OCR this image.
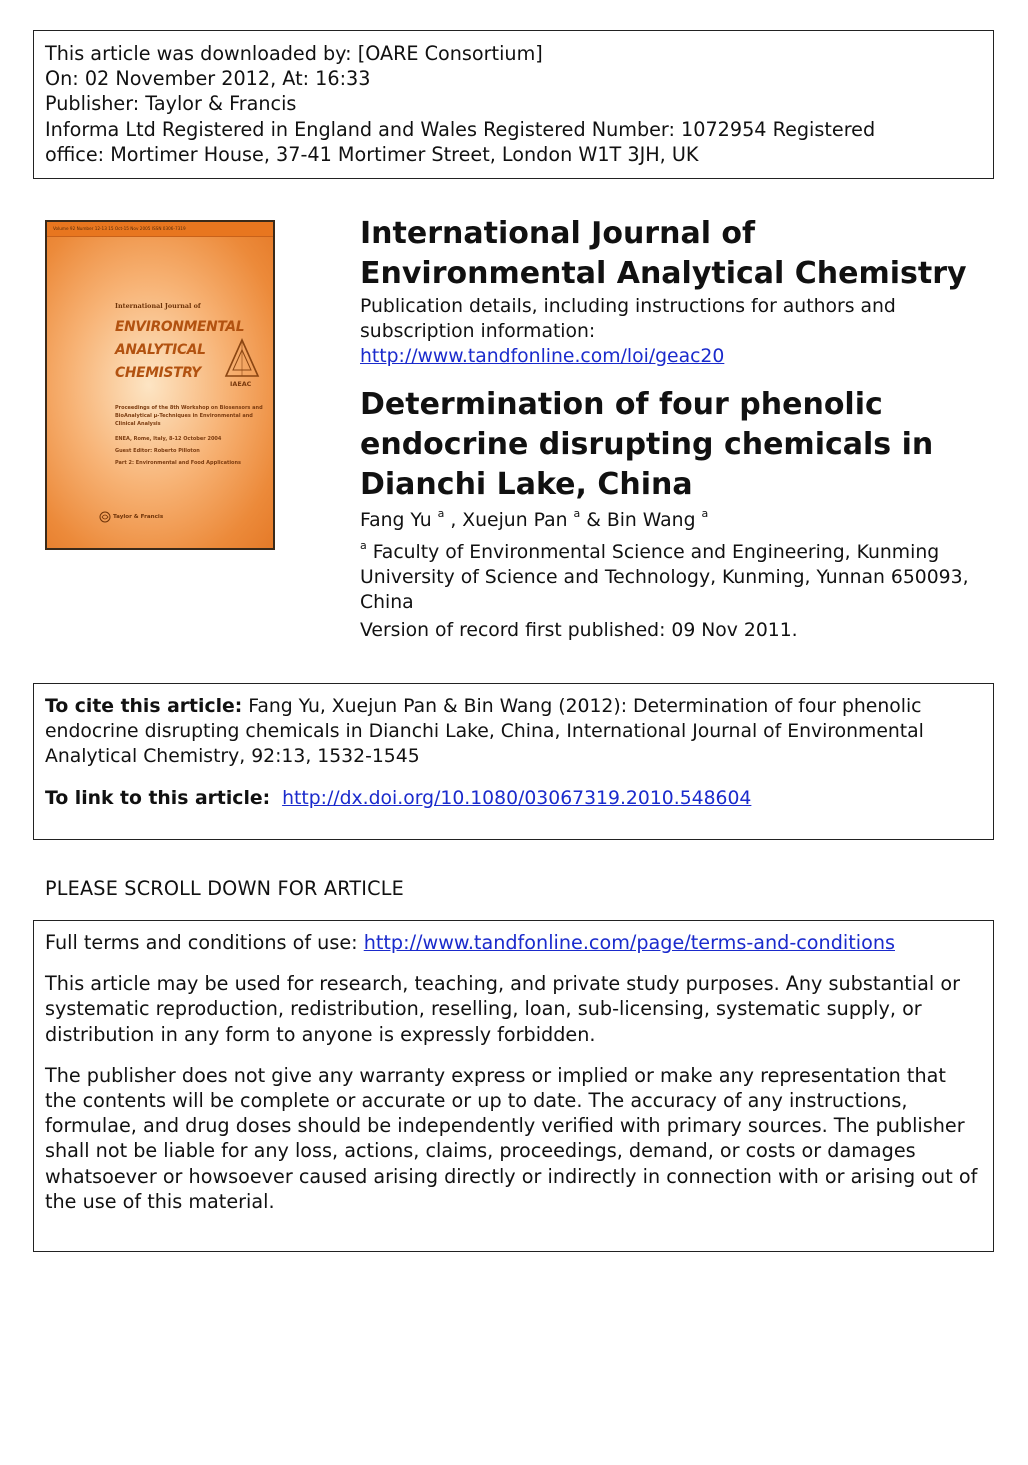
This article was downloaded by: [OARE Consortium]
On: 02 November 2012, At: 16:33
Publisher: Taylor & Francis
Informa Ltd Registered in England and Wales Registered Number: 1072954 Registered
office: Mortimer House, 37-41 Mortimer Street, London W1T 3JH, UK
Volume 92 Number 12-13 15 Oct-15 Nov 2005 ISSN 0306-7319
International Journal of
ENVIRONMENTAL
ANALYTICAL
CHEMISTRY
IAEAC
Proceedings of the 8th Workshop on Biosensors and BioAnalytical μ-Techniques in Environmental and Clinical Analysis
ENEA, Rome, Italy, 8-12 October 2004
Guest Editor: Roberto Pilloton
Part 2: Environmental and Food Applications
Taylor & Francis
International Journal of Environmental Analytical Chemistry
Publication details, including instructions for authors and subscription information:
http://www.tandfonline.com/loi/geac20
Determination of four phenolic endocrine disrupting chemicals in Dianchi Lake, China
Fang Yu $^a$ , Xuejun Pan $^a$ & Bin Wang $^a$
$^a$ Faculty of Environmental Science and Engineering, Kunming University of Science and Technology, Kunming, Yunnan 650093, China
Version of record first published: 09 Nov 2011.
To cite this article: Fang Yu, Xuejun Pan & Bin Wang (2012): Determination of four phenolic endocrine disrupting chemicals in Dianchi Lake, China, International Journal of Environmental Analytical Chemistry, 92:13, 1532-1545
To link to this article: http://dx.doi.org/10.1080/03067319.2010.548604
PLEASE SCROLL DOWN FOR ARTICLE

Full terms and conditions of use: http://www.tandfonline.com/page/terms-and-conditions

This article may be used for research, teaching, and private study purposes. Any substantial or systematic reproduction, redistribution, reselling, loan, sub-licensing, systematic supply, or distribution in any form to anyone is expressly forbidden.

The publisher does not give any warranty express or implied or make any representation that the contents will be complete or accurate or up to date. The accuracy of any instructions, formulae, and drug doses should be independently verified with primary sources. The publisher shall not be liable for any loss, actions, claims, proceedings, demand, or costs or damages whatsoever or howsoever caused arising directly or indirectly in connection with or arising out of the use of this material.
